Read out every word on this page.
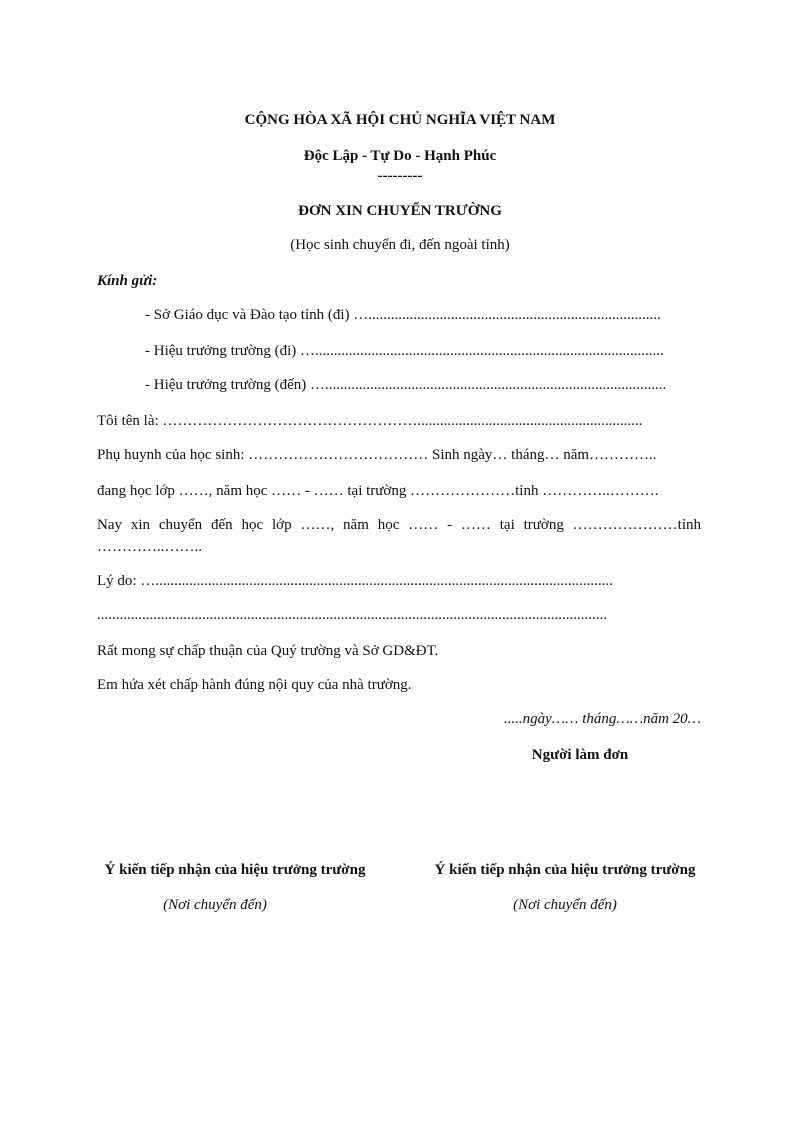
CỘNG HÒA XÃ HỘI CHỦ NGHĨA VIỆT NAM
Độc Lập - Tự Do - Hạnh Phúc
---------
ĐƠN XIN CHUYỂN TRƯỜNG
(Học sinh chuyển đi, đến ngoài tỉnh)
Kính gửi:
- Sở Giáo dục và Đào tạo tỉnh (đi) …..............................................................................
- Hiệu trưởng trường (đi) ….............................................................................................
- Hiệu trưởng trường (đến) …...........................................................................................
Tôi tên là: ……………………………………………............................................................
Phụ huynh của học sinh: ……………………………… Sinh ngày… tháng… năm…………..
đang học lớp ……, năm học …… - …… tại trường …………………tỉnh …………..……….
Nay xin chuyển đến học lớp ……, năm học …… - …… tại trường …………………tỉnh
…………..……..
Lý do: …..........................................................................................................................
........................................................................................................................................
Rất mong sự chấp thuận của Quý trường và Sở GD&ĐT.
Em hứa xét chấp hành đúng nội quy của nhà trường.
.....ngày…… tháng……năm 20…
Người làm đơn
Ý kiến tiếp nhận của hiệu trưởng trường
(Nơi chuyển đến)
Ý kiến tiếp nhận của hiệu trưởng trường
(Nơi chuyển đến)
